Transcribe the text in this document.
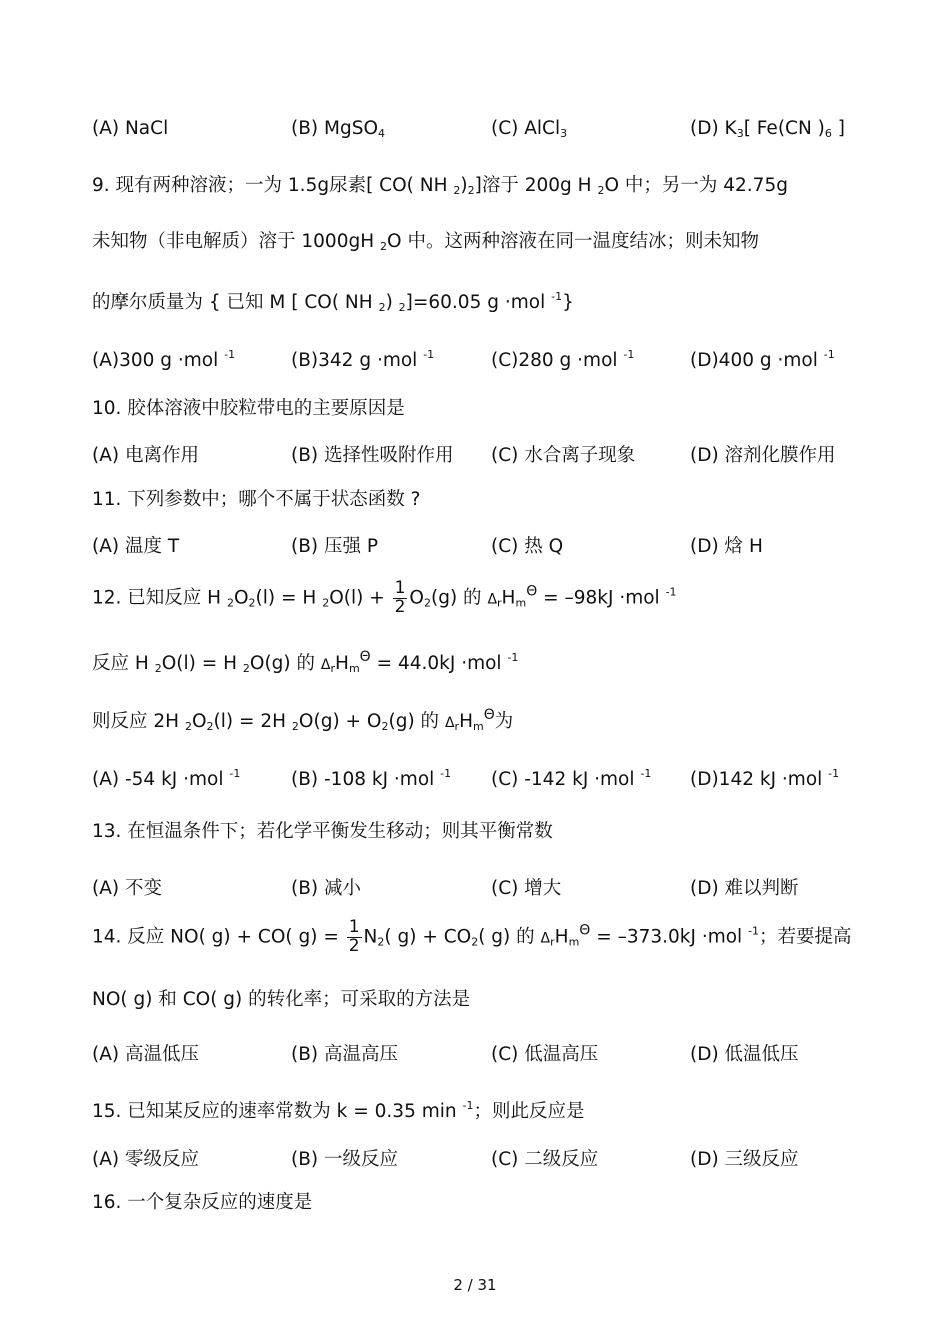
(A) NaCl	(B) MgSO$_4$	(C) AlCl$_3$	(D) $K_3$[ Fe(CN )$_6$ ]
9. 现有两种溶液；一为 1.5g尿素[ CO( NH $_2)_2$]溶于 200g H $_2$O 中；另一为 42.75g
未知物（非电解质）溶于 1000gH $_2$O 中。这两种溶液在同一温度结冰；则未知物
的摩尔质量为 { 已知 M [ CO( NH $_2$) $_2$]=60.05 g ·mol $^{-1}$}
(A)300 g ·mol $^{-1}$	(B)342 g ·mol $^{-1}$	(C)280 g ·mol $^{-1}$	(D)400 g ·mol $^{-1}$
10. 胶体溶液中胶粒带电的主要原因是
(A) 电离作用	(B) 选择性吸附作用 (C) 水合离子现象	(D) 溶剂化膜作用
11. 下列参数中；哪个不属于状态函数 ?
(A) 温度 T	(B) 压强 P	(C) 热 Q	(D) 焓 H
12. 已知反应 H $_2O_2(l) = H$ $_2O(l) + \frac{1}{2} O_2(g)$ 的 $\Delta_rH_m^\Theta = -98kJ \cdot mol$ $^{-1}$
反应 H $_2$O(l) = H $_2$O(g) 的 $\Delta_rH_m^\Theta = 44.0kJ \cdot mol$ $^{-1}$
则反应 2H $_2O_2(l) = 2H$ $_2O(g) + O_2(g)$ 的 $\Delta_rH_m^\Theta$为
(A) -54 kJ ·mol $^{-1}$	(B) -108 kJ ·mol $^{-1}$ (C) -142 kJ ·mol $^{-1}$ (D)142 kJ ·mol $^{-1}$
13. 在恒温条件下；若化学平衡发生移动；则其平衡常数
(A) 不变	(B) 减小	(C) 增大	(D) 难以判断
14. 反应 NO( g) + CO( $g) = \frac{1}{2} N_2$( $g) + CO_2$( g) 的 $\Delta_rH_m^\Theta = -373.0kJ \cdot mol$ $^{-1}$；若要提高
NO( g) 和 CO( g) 的转化率；可采取的方法是
(A) 高温低压	(B) 高温高压	(C) 低温高压	(D) 低温低压
15. 已知某反应的速率常数为 k = 0.35 min $^{-1}$；则此反应是
(A) 零级反应	(B) 一级反应	(C) 二级反应	(D) 三级反应
16. 一个复杂反应的速度是
2 / 31
